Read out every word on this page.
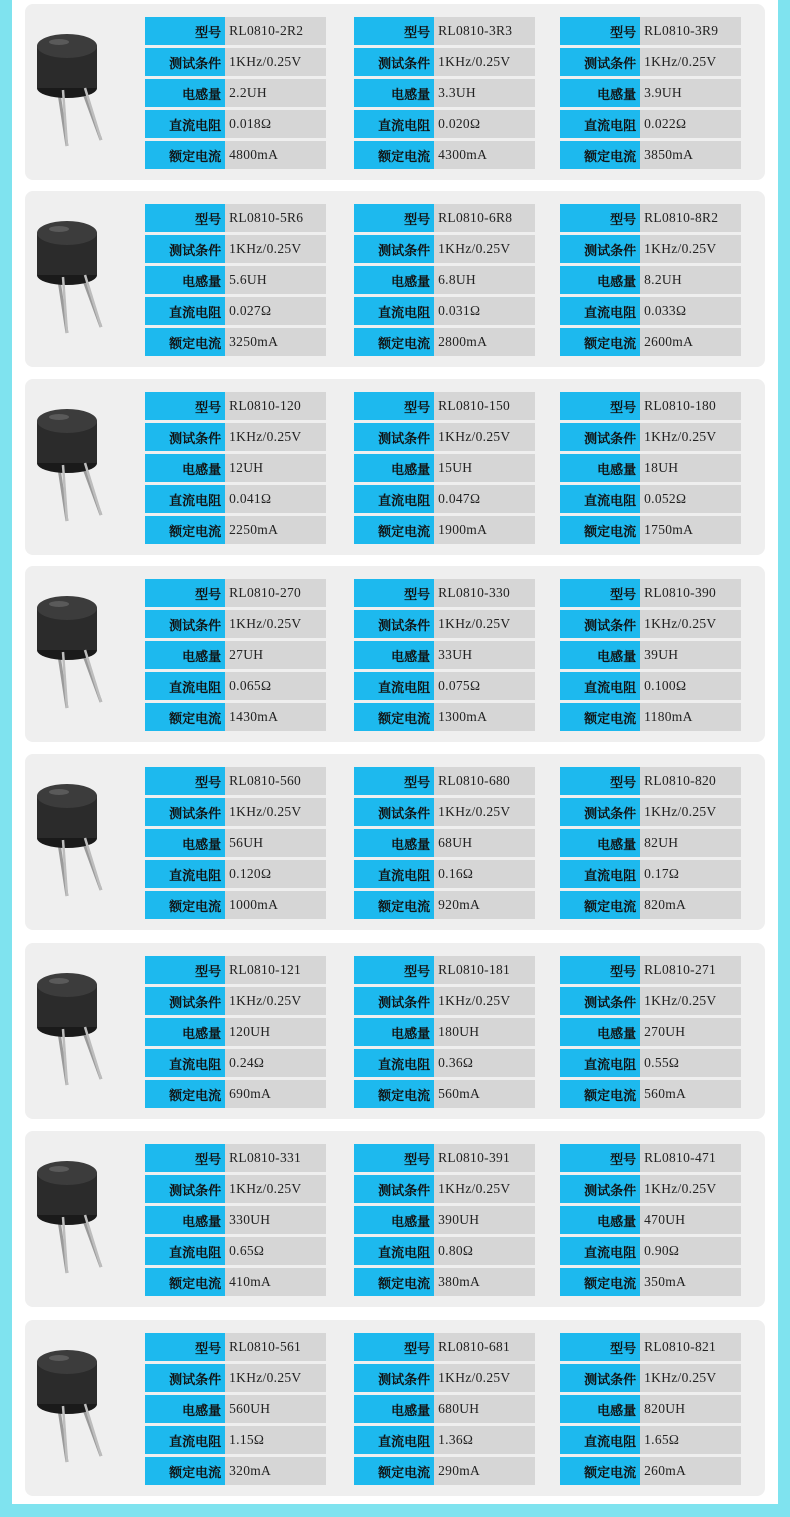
型号	RL0810-2R2
测试条件	1KHz/0.25V
电感量	2.2UH
直流电阻	0.018Ω
额定电流	4800mA
型号	RL0810-3R3
测试条件	1KHz/0.25V
电感量	3.3UH
直流电阻	0.020Ω
额定电流	4300mA
型号	RL0810-3R9
测试条件	1KHz/0.25V
电感量	3.9UH
直流电阻	0.022Ω
额定电流	3850mA
型号	RL0810-5R6
测试条件	1KHz/0.25V
电感量	5.6UH
直流电阻	0.027Ω
额定电流	3250mA
型号	RL0810-6R8
测试条件	1KHz/0.25V
电感量	6.8UH
直流电阻	0.031Ω
额定电流	2800mA
型号	RL0810-8R2
测试条件	1KHz/0.25V
电感量	8.2UH
直流电阻	0.033Ω
额定电流	2600mA
型号	RL0810-120
测试条件	1KHz/0.25V
电感量	12UH
直流电阻	0.041Ω
额定电流	2250mA
型号	RL0810-150
测试条件	1KHz/0.25V
电感量	15UH
直流电阻	0.047Ω
额定电流	1900mA
型号	RL0810-180
测试条件	1KHz/0.25V
电感量	18UH
直流电阻	0.052Ω
额定电流	1750mA
型号	RL0810-270
测试条件	1KHz/0.25V
电感量	27UH
直流电阻	0.065Ω
额定电流	1430mA
型号	RL0810-330
测试条件	1KHz/0.25V
电感量	33UH
直流电阻	0.075Ω
额定电流	1300mA
型号	RL0810-390
测试条件	1KHz/0.25V
电感量	39UH
直流电阻	0.100Ω
额定电流	1180mA
型号	RL0810-560
测试条件	1KHz/0.25V
电感量	56UH
直流电阻	0.120Ω
额定电流	1000mA
型号	RL0810-680
测试条件	1KHz/0.25V
电感量	68UH
直流电阻	0.16Ω
额定电流	920mA
型号	RL0810-820
测试条件	1KHz/0.25V
电感量	82UH
直流电阻	0.17Ω
额定电流	820mA
型号	RL0810-121
测试条件	1KHz/0.25V
电感量	120UH
直流电阻	0.24Ω
额定电流	690mA
型号	RL0810-181
测试条件	1KHz/0.25V
电感量	180UH
直流电阻	0.36Ω
额定电流	560mA
型号	RL0810-271
测试条件	1KHz/0.25V
电感量	270UH
直流电阻	0.55Ω
额定电流	560mA
型号	RL0810-331
测试条件	1KHz/0.25V
电感量	330UH
直流电阻	0.65Ω
额定电流	410mA
型号	RL0810-391
测试条件	1KHz/0.25V
电感量	390UH
直流电阻	0.80Ω
额定电流	380mA
型号	RL0810-471
测试条件	1KHz/0.25V
电感量	470UH
直流电阻	0.90Ω
额定电流	350mA
型号	RL0810-561
测试条件	1KHz/0.25V
电感量	560UH
直流电阻	1.15Ω
额定电流	320mA
型号	RL0810-681
测试条件	1KHz/0.25V
电感量	680UH
直流电阻	1.36Ω
额定电流	290mA
型号	RL0810-821
测试条件	1KHz/0.25V
电感量	820UH
直流电阻	1.65Ω
额定电流	260mA
